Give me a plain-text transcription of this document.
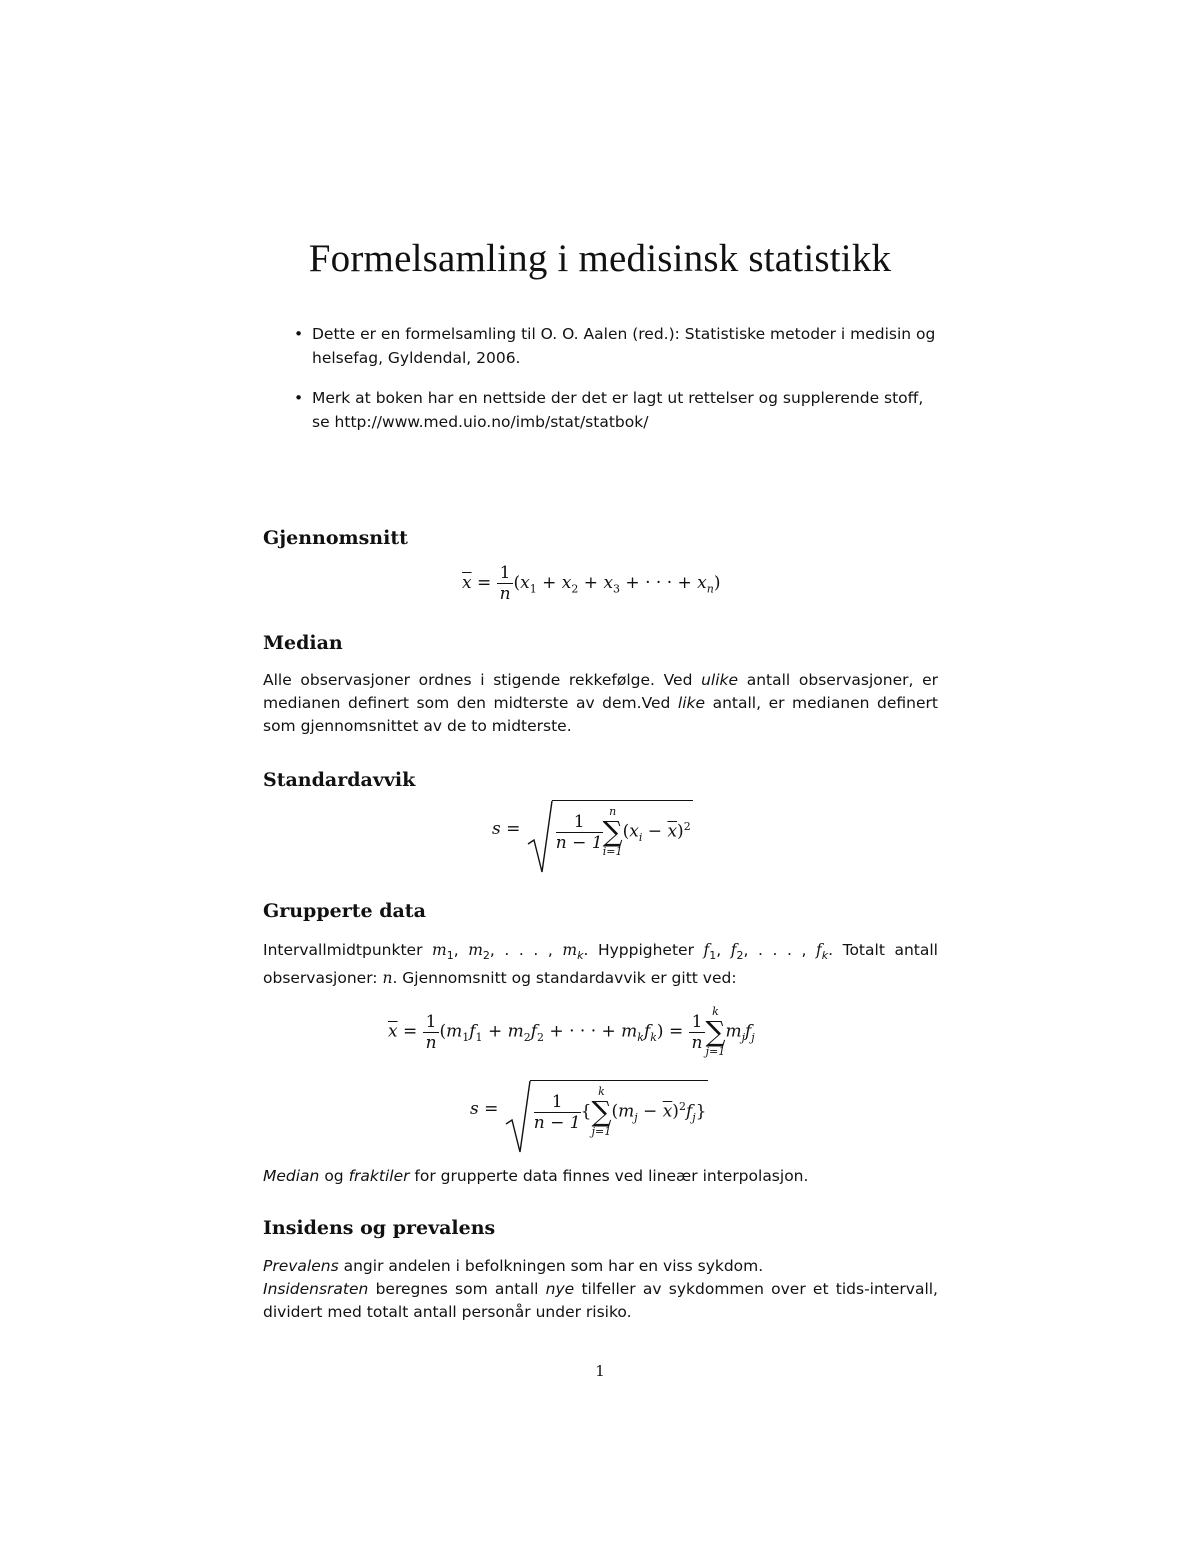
Formelsamling i medisinsk statistikk
• Dette er en formelsamling til O. O. Aalen (red.): Statistiske metoder i medisin og helsefag, Gyldendal, 2006.
• Merk at boken har en nettside der det er lagt ut rettelser og supplerende stoff, se http://www.med.uio.no/imb/stat/statbok/
Gjennomsnitt
$\overline{x} = \frac{1}{n} (x_1 + x_2 + x_3$ + · · · + $x_n$)
Median

Alle observasjoner ordnes i stigende rekkefølge. Ved ulike antall observasjoner, er medianen definert som den midterste av dem.Ved like antall, er medianen definert som gjennomsnittet av de to midterste.

Standardavvik
$s = \frac{1}{n - 1}$ n
∑
i=1
$(x_i - \overline{x})^2$
Grupperte data

Intervallmidtpunkter $m_1$, $m_2$, . . . , $m_k$. Hyppigheter $f_1$, $f_2$, . . . , $f_k$. Totalt antall observasjoner: n. Gjennomsnitt og standardavvik er gitt ved:

$\overline{x} = \frac{1}{n} (m_1f_1 + m_2f_2$ + · · · + $m_kf_k) = \frac{1}{n}$ k
∑
j=1
$m_jf_j$
$s = \frac{1}{n - 1}$ {
k
∑
j=1
$(m_j - \overline{x})^2f_j$}

Median og fraktiler for grupperte data finnes ved lineær interpolasjon.

Insidens og prevalens

Prevalens angir andelen i befolkningen som har en viss sykdom.
Insidensraten beregnes som antall nye tilfeller av sykdommen over et tids-intervall, dividert med totalt antall personår under risiko.

1
